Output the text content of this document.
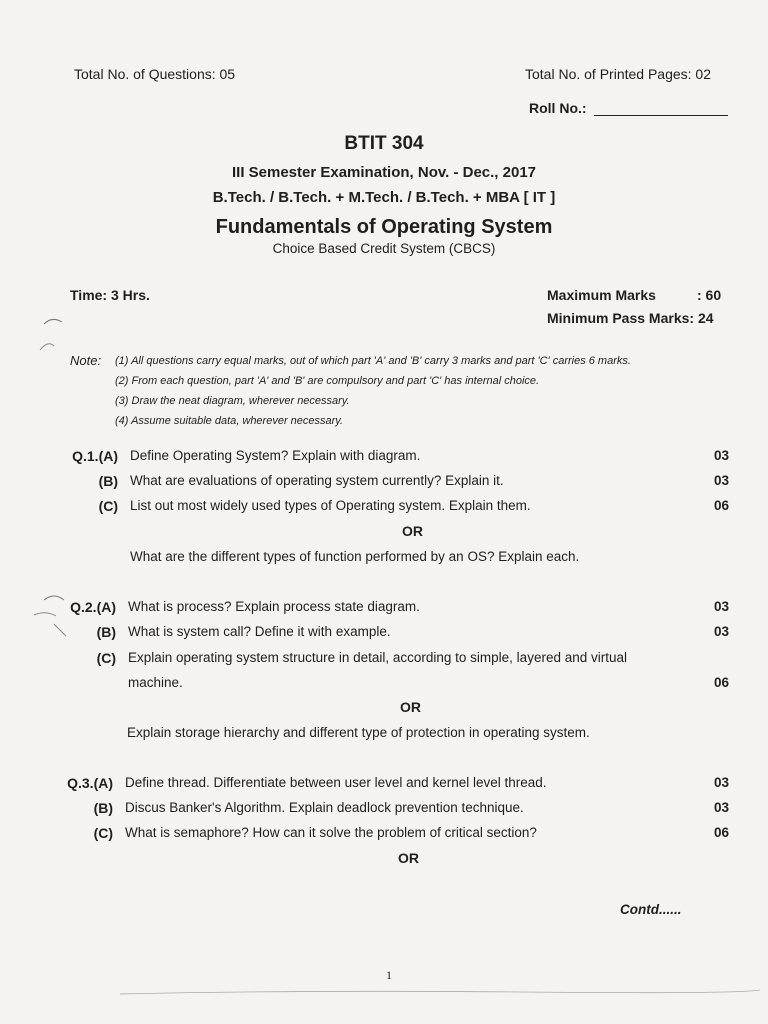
Total No. of Questions: 05	Total No. of Printed Pages: 02
Roll No.:
BTIT 304
III Semester Examination, Nov. - Dec., 2017
B.Tech. / B.Tech. + M.Tech. / B.Tech. + MBA [ IT ]
Fundamentals of Operating System
Choice Based Credit System (CBCS)
Time: 3 Hrs.	Maximum Marks	: 60
Minimum Pass Marks: 24
Note: (1) All questions carry equal marks, out of which part 'A' and 'B' carry 3 marks and part 'C' carries 6 marks.
(2) From each question, part 'A' and 'B' are compulsory and part 'C' has internal choice.
(3) Draw the neat diagram, wherever necessary.
(4) Assume suitable data, wherever necessary.
Q.1.(A) Define Operating System? Explain with diagram.	03
(B) What are evaluations of operating system currently? Explain it.	03
(C) List out most widely used types of Operating system. Explain them.	06
OR
What are the different types of function performed by an OS? Explain each.
Q.2.(A) What is process? Explain process state diagram.	03
(B) What is system call? Define it with example.	03
(C) Explain operating system structure in detail, according to simple, layered and virtual
machine.	06
OR
Explain storage hierarchy and different type of protection in operating system.
Q.3.(A) Define thread. Differentiate between user level and kernel level thread.	03
(B) Discus Banker's Algorithm. Explain deadlock prevention technique.	03
(C) What is semaphore? How can it solve the problem of critical section?	06
OR
Contd......
1
